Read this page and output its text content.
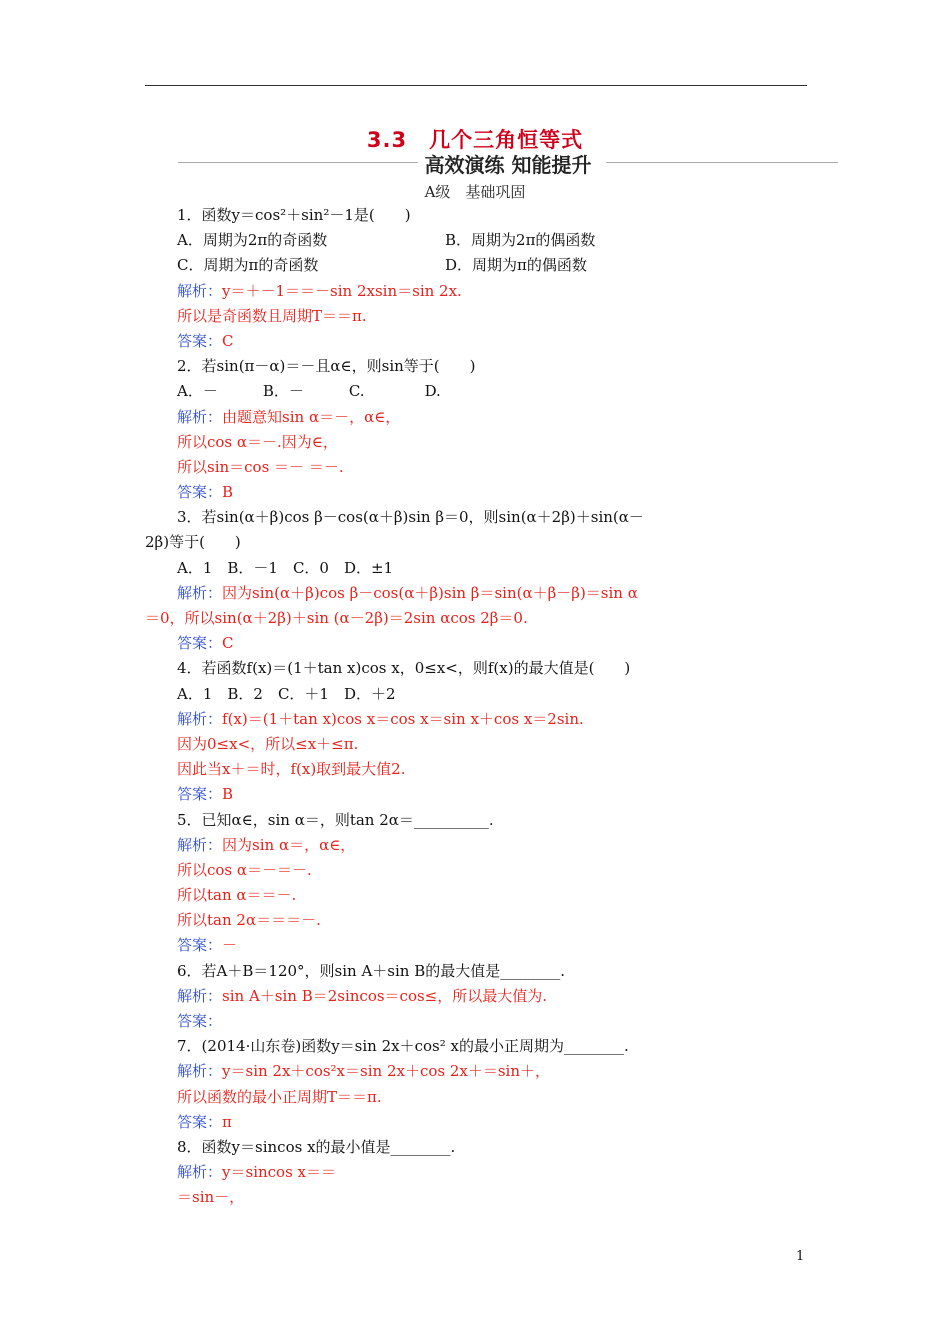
3.3　几个三角恒等式
高效演练 知能提升
A级　基础巩固
1．函数y＝cos²＋sin²－1是(　　)
A．周期为2π的奇函数	B．周期为2π的偶函数
C．周期为π的奇函数	D．周期为π的偶函数
解析：y＝＋－1＝＝－sin 2xsin＝sin 2x.
所以是奇函数且周期T＝＝π.
答案：C
2．若sin(π－α)＝－且α∈，则sin等于(　　)
A．－　　　B．－　　　C.　　　　D.
解析：由题意知sin α＝－，α∈，
所以cos α＝－.因为∈，
所以sin＝cos ＝－ ＝－.
答案：B
3．若sin(α＋β)cos β－cos(α＋β)sin β＝0，则sin(α＋2β)＋sin(α－
2β)等于(　　)
A．1　B．－1　C．0　D．±1
解析：因为sin(α＋β)cos β－cos(α＋β)sin β＝sin(α＋β－β)＝sin α
＝0，所以sin(α＋2β)＋sin (α－2β)＝2sin αcos 2β＝0.
答案：C
4．若函数f(x)＝(1＋tan x)cos x，0≤x<，则f(x)的最大值是(　　)
A．1　B．2　C．＋1　D．＋2
解析：f(x)＝(1＋tan x)cos x＝cos x＝sin x＋cos x＝2sin.
因为0≤x<，所以≤x＋≤π.
因此当x＋＝时，f(x)取到最大值2.
答案：B
5．已知α∈，sin α＝，则tan 2α＝__________.
解析：因为sin α＝，α∈，
所以cos α＝－＝－.
所以tan α＝＝－.
所以tan 2α＝＝＝－.
答案：－
6．若A＋B＝120°，则sin A＋sin B的最大值是________.
解析：sin A＋sin B＝2sincos＝cos≤，所以最大值为.
答案：
7．(2014·山东卷)函数y＝sin 2x＋cos² x的最小正周期为________.
解析：y＝sin 2x＋cos²x＝sin 2x＋cos 2x＋＝sin＋，
所以函数的最小正周期T＝＝π.
答案：π
8．函数y＝sincos x的最小值是________.
解析：y＝sincos x＝＝
＝sin－，
1
